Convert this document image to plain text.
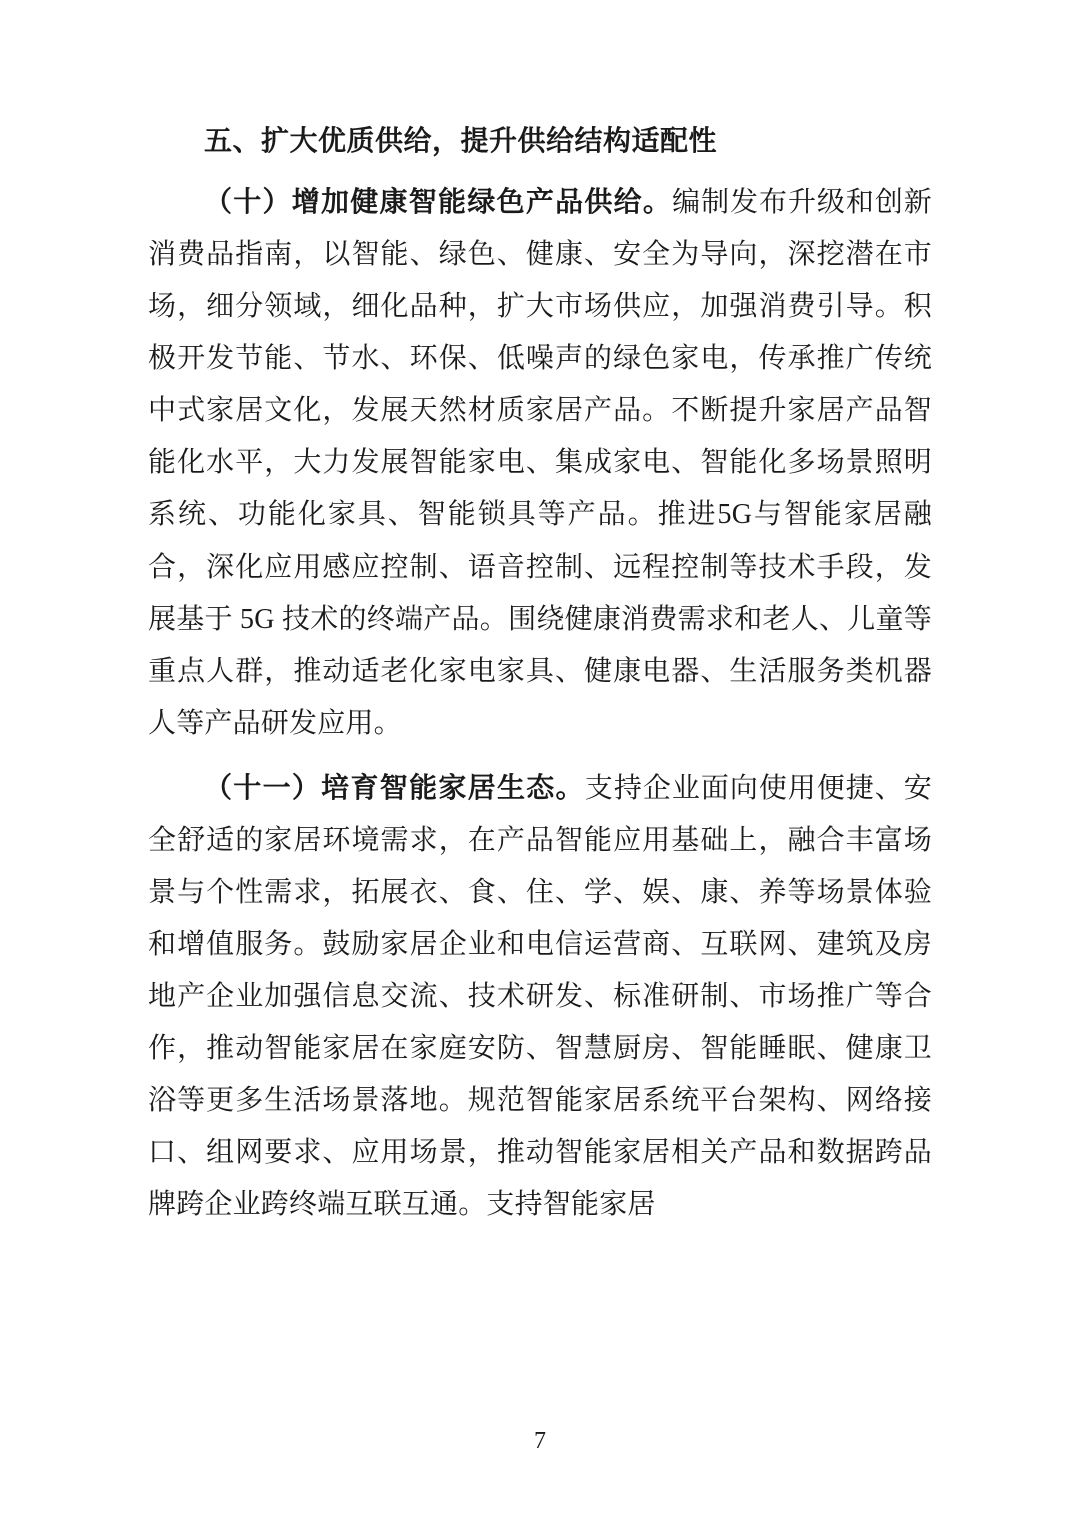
五、扩大优质供给，提升供给结构适配性

（十）增加健康智能绿色产品供给。编制发布升级和创新消费品指南，以智能、绿色、健康、安全为导向，深挖潜在市场，细分领域，细化品种，扩大市场供应，加强消费引导。积极开发节能、节水、环保、低噪声的绿色家电，传承推广传统中式家居文化，发展天然材质家居产品。不断提升家居产品智能化水平，大力发展智能家电、集成家电、智能化多场景照明系统、功能化家具、智能锁具等产品。推进5G与智能家居融合，深化应用感应控制、语音控制、远程控制等技术手段，发展基于 5G 技术的终端产品。围绕健康消费需求和老人、儿童等重点人群，推动适老化家电家具、健康电器、生活服务类机器人等产品研发应用。

（十一）培育智能家居生态。支持企业面向使用便捷、安全舒适的家居环境需求，在产品智能应用基础上，融合丰富场景与个性需求，拓展衣、食、住、学、娱、康、养等场景体验和增值服务。鼓励家居企业和电信运营商、互联网、建筑及房地产企业加强信息交流、技术研发、标准研制、市场推广等合作，推动智能家居在家庭安防、智慧厨房、智能睡眠、健康卫浴等更多生活场景落地。规范智能家居系统平台架构、网络接口、组网要求、应用场景，推动智能家居相关产品和数据跨品牌跨企业跨终端互联互通。支持智能家居

7
